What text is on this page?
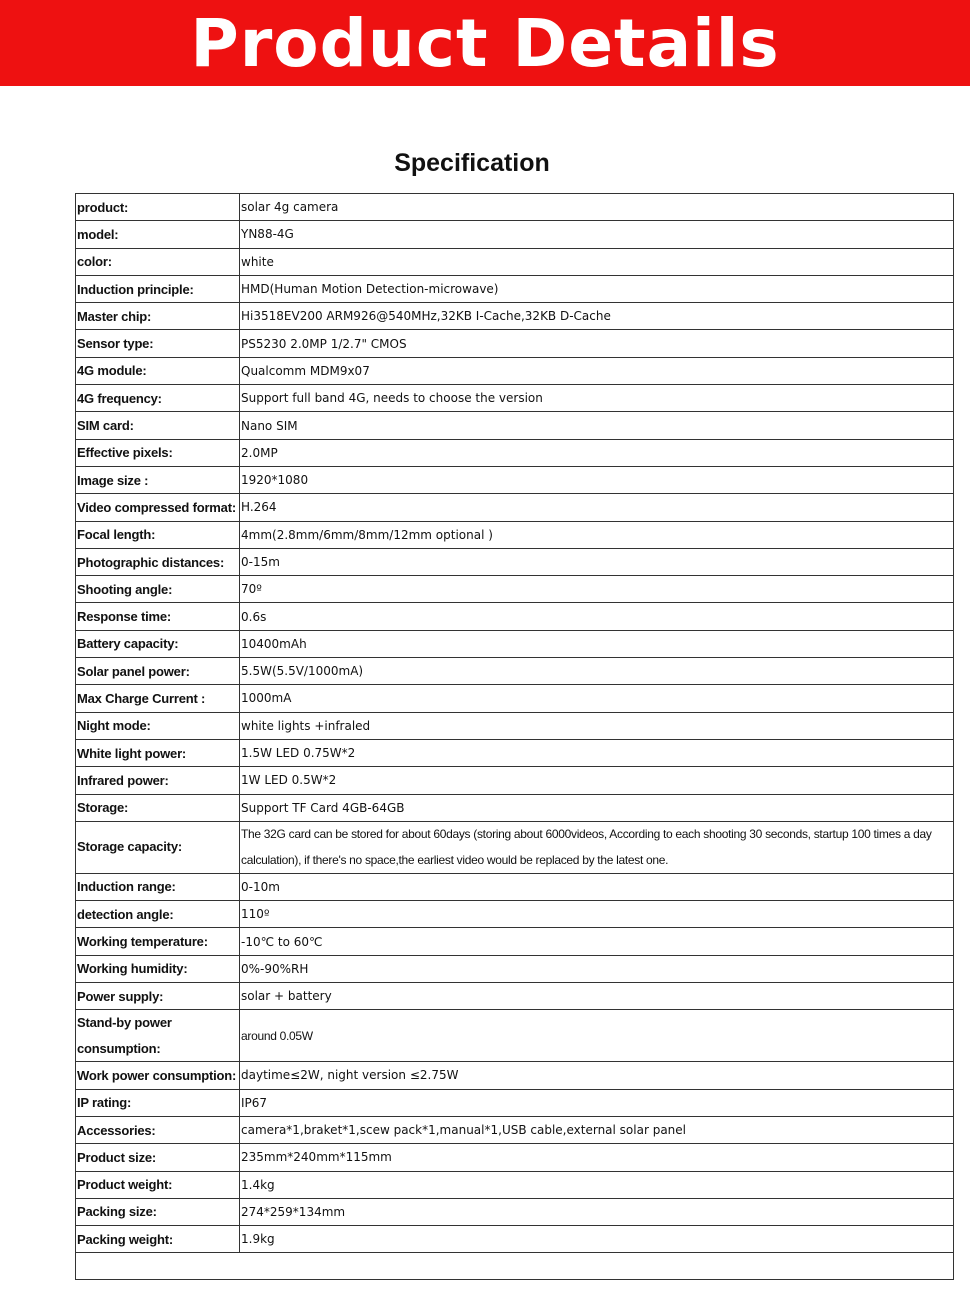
Product Details
Specification
product:	solar 4g camera
model:	YN88-4G
color:	white
Induction principle:	HMD(Human Motion Detection-microwave)
Master chip:	Hi3518EV200 ARM926@540MHz,32KB I-Cache,32KB D-Cache
Sensor type:	PS5230 2.0MP 1/2.7" CMOS
4G module:	Qualcomm MDM9x07
4G frequency:	Support full band 4G, needs to choose the version
SIM card:	Nano SIM
Effective pixels:	2.0MP
Image size :	1920*1080
Video compressed format: H.264
Focal length:	4mm(2.8mm/6mm/8mm/12mm optional )
Photographic distances:	0-15m
Shooting angle:	70º
Response time:	0.6s
Battery capacity:	10400mAh
Solar panel power:	5.5W(5.5V/1000mA)
Max Charge Current :	1000mA
Night mode:	white lights +infraled
White light power:	1.5W LED 0.75W*2
Infrared power:	1W LED 0.5W*2
Storage:	Support TF Card 4GB-64GB
Storage capacity:
The 32G card can be stored for about 60days (storing about 6000videos, According to each shooting 30 seconds, startup 100 times a day calculation), if there's no space,the earliest video would be replaced by the latest one.
Induction range:	0-10m
detection angle:	110º
Working temperature:	-10℃ to 60℃
Working humidity:	0%-90%RH
Power supply:	solar + battery
Stand-by power consumption:
around 0.05W
Work power consumption: daytime≤2W, night version ≤2.75W
IP rating:	IP67
Accessories:	camera*1,braket*1,scew pack*1,manual*1,USB cable,external solar panel
Product size:	235mm*240mm*115mm
Product weight:	1.4kg
Packing size:	274*259*134mm
Packing weight:	1.9kg
